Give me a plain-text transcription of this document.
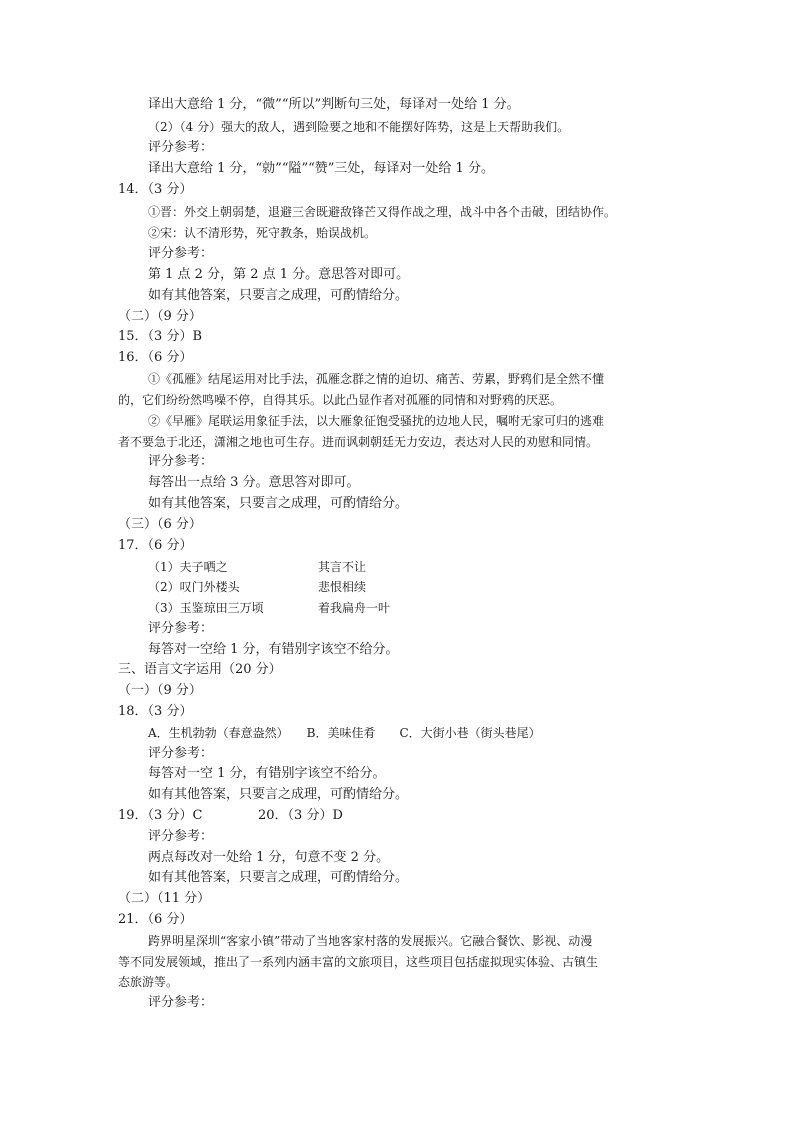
译出大意给 1 分，“微”“所以”判断句三处，每译对一处给 1 分。
（2）（4 分）强大的敌人，遇到险要之地和不能摆好阵势，这是上天帮助我们。
评分参考：
译出大意给 1 分，“勍”“隘”“赞”三处，每译对一处给 1 分。
14．（3 分）
①晋：外交上朝弱楚，退避三舍既避敌锋芒又得作战之理，战斗中各个击破，团结协作。
②宋：认不清形势，死守教条，贻误战机。
评分参考：
第 1 点 2 分，第 2 点 1 分。意思答对即可。
如有其他答案，只要言之成理，可酌情给分。
（二）（9 分）
15．（3 分）B
16．（6 分）
①《孤雁》结尾运用对比手法，孤雁念群之情的迫切、痛苦、劳累，野鸦们是全然不懂
的，它们纷纷然鸣噪不停，自得其乐。以此凸显作者对孤雁的同情和对野鸦的厌恶。
②《早雁》尾联运用象征手法，以大雁象征饱受骚扰的边地人民，嘱咐无家可归的逃难
者不要急于北还，潇湘之地也可生存。进而讽刺朝廷无力安边，表达对人民的劝慰和同情。
评分参考：
每答出一点给 3 分。意思答对即可。
如有其他答案，只要言之成理，可酌情给分。
（三）（6 分）
17．（6 分）
（1）夫子哂之	其言不让
（2）叹门外楼头	悲恨相续
（3）玉鉴琼田三万顷	着我扁舟一叶
评分参考：
每答对一空给 1 分，有错别字该空不给分。
三、语言文字运用（20 分）
（一）（9 分）
18．（3 分）
A．生机勃勃（春意盎然）　　B．美味佳肴　　C．大街小巷（街头巷尾）
评分参考：
每答对一空 1 分，有错别字该空不给分。
如有其他答案，只要言之成理，可酌情给分。
19．（3 分）C	20．（3 分）D
评分参考：
两点每改对一处给 1 分，句意不变 2 分。
如有其他答案，只要言之成理，可酌情给分。
（二）（11 分）
21．（6 分）
跨界明星深圳“客家小镇”带动了当地客家村落的发展振兴。它融合餐饮、影视、动漫
等不同发展领域，推出了一系列内涵丰富的文旅项目，这些项目包括虚拟现实体验、古镇生
态旅游等。
评分参考：
